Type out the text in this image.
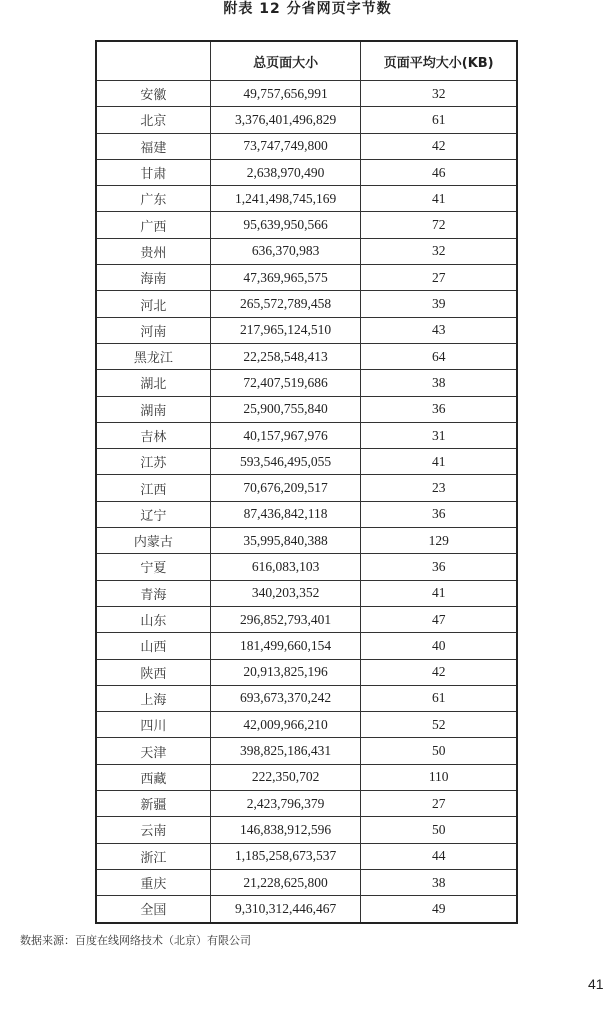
附表 12 分省网页字节数
	总页面大小	页面平均大小(KB)
安徽	49,757,656,991	32
北京	3,376,401,496,829	61
福建	73,747,749,800	42
甘肃	2,638,970,490	46
广东	1,241,498,745,169	41
广西	95,639,950,566	72
贵州	636,370,983	32
海南	47,369,965,575	27
河北	265,572,789,458	39
河南	217,965,124,510	43
黑龙江	22,258,548,413	64
湖北	72,407,519,686	38
湖南	25,900,755,840	36
吉林	40,157,967,976	31
江苏	593,546,495,055	41
江西	70,676,209,517	23
辽宁	87,436,842,118	36
内蒙古	35,995,840,388	129
宁夏	616,083,103	36
青海	340,203,352	41
山东	296,852,793,401	47
山西	181,499,660,154	40
陕西	20,913,825,196	42
上海	693,673,370,242	61
四川	42,009,966,210	52
天津	398,825,186,431	50
西藏	222,350,702	110
新疆	2,423,796,379	27
云南	146,838,912,596	50
浙江	1,185,258,673,537	44
重庆	21,228,625,800	38
全国	9,310,312,446,467	49
数据来源：百度在线网络技术（北京）有限公司
41
